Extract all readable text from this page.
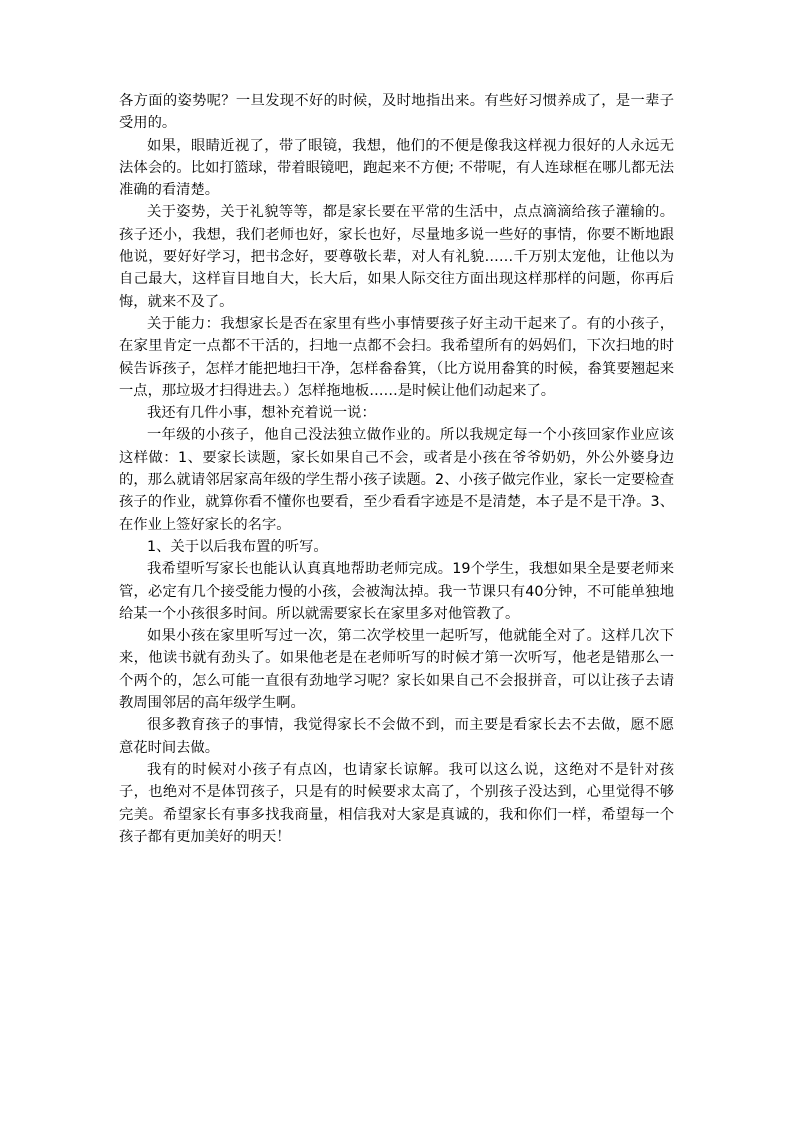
各方面的姿势呢？一旦发现不好的时候，及时地指出来。有些好习惯养成了，是一辈子受用的。

如果，眼睛近视了，带了眼镜，我想，他们的不便是像我这样视力很好的人永远无法体会的。比如打篮球，带着眼镜吧，跑起来不方便; 不带呢，有人连球框在哪儿都无法准确的看清楚。

关于姿势，关于礼貌等等，都是家长要在平常的生活中，点点滴滴给孩子灌输的。孩子还小，我想，我们老师也好，家长也好，尽量地多说一些好的事情，你要不断地跟他说，要好好学习，把书念好，要尊敬长辈，对人有礼貌……千万别太宠他，让他以为自己最大，这样盲目地自大，长大后，如果人际交往方面出现这样那样的问题，你再后悔，就来不及了。

关于能力：我想家长是否在家里有些小事情要孩子好主动干起来了。有的小孩子，在家里肯定一点都不干活的，扫地一点都不会扫。我希望所有的妈妈们，下次扫地的时候告诉孩子，怎样才能把地扫干净，怎样畚畚箕，（比方说用畚箕的时候，畚箕要翘起来一点，那垃圾才扫得进去。）怎样拖地板……是时候让他们动起来了。

我还有几件小事，想补充着说一说：

一年级的小孩子，他自己没法独立做作业的。所以我规定每一个小孩回家作业应该这样做：1、要家长读题，家长如果自己不会，或者是小孩在爷爷奶奶，外公外婆身边的，那么就请邻居家高年级的学生帮小孩子读题。2、小孩子做完作业，家长一定要检查孩子的作业，就算你看不懂你也要看，至少看看字迹是不是清楚，本子是不是干净。3、在作业上签好家长的名字。

1、关于以后我布置的听写。

我希望听写家长也能认认真真地帮助老师完成。19个学生，我想如果全是要老师来管，必定有几个接受能力慢的小孩，会被淘汰掉。我一节课只有40分钟，不可能单独地给某一个小孩很多时间。所以就需要家长在家里多对他管教了。

如果小孩在家里听写过一次，第二次学校里一起听写，他就能全对了。这样几次下来，他读书就有劲头了。如果他老是在老师听写的时候才第一次听写，他老是错那么一个两个的，怎么可能一直很有劲地学习呢？家长如果自己不会报拼音，可以让孩子去请教周围邻居的高年级学生啊。

很多教育孩子的事情，我觉得家长不会做不到，而主要是看家长去不去做，愿不愿意花时间去做。

我有的时候对小孩子有点凶，也请家长谅解。我可以这么说，这绝对不是针对孩子，也绝对不是体罚孩子，只是有的时候要求太高了，个别孩子没达到，心里觉得不够完美。希望家长有事多找我商量，相信我对大家是真诚的，我和你们一样，希望每一个孩子都有更加美好的明天！
